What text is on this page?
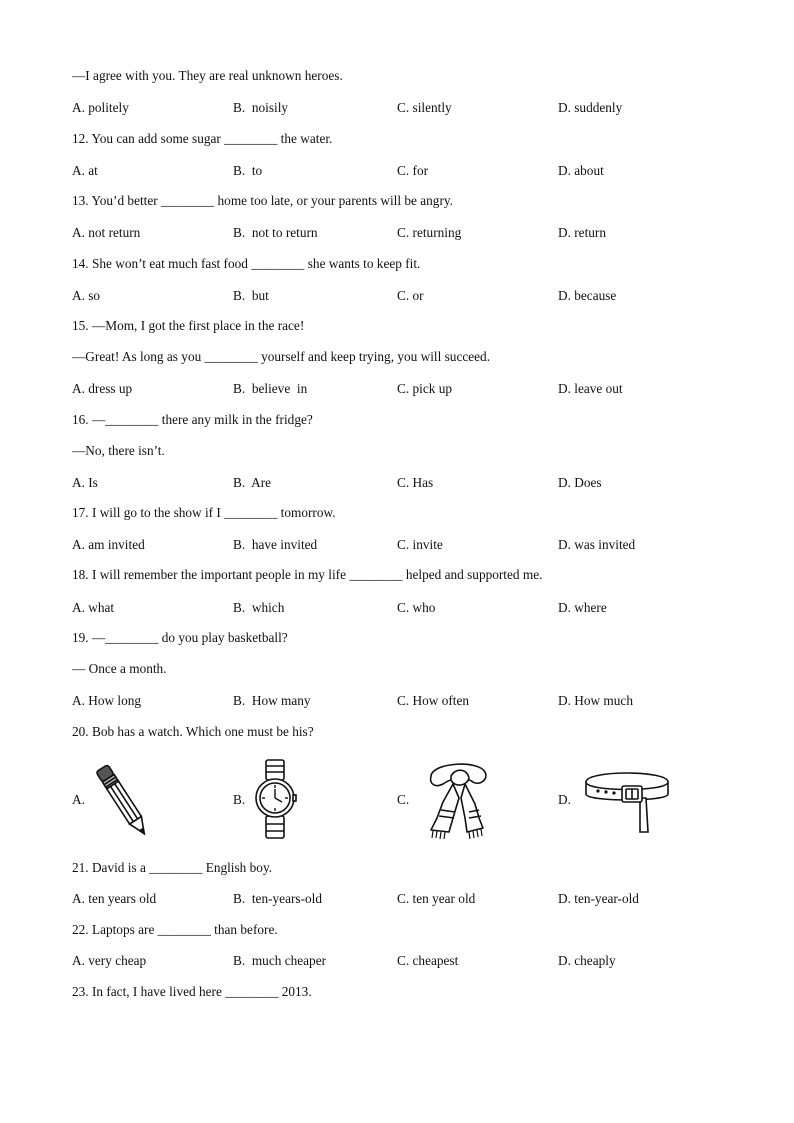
—I agree with you. They are real unknown heroes.
A. politely	B.  noisily	C. silently	D. suddenly
12. You can add some sugar ________ the water.
A. at	B.  to	C. for	D. about
13. You’d better ________ home too late, or your parents will be angry.
A. not return	B.  not to return	C. returning	D. return
14. She won’t eat much fast food ________ she wants to keep fit.
A. so	B.  but	C. or	D. because
15. —Mom, I got the first place in the race!
—Great! As long as you ________ yourself and keep trying, you will succeed.
A. dress up	B.  believe  in	C. pick up	D. leave out
16. —________ there any milk in the fridge?
—No, there isn’t.
A. Is	B.  Are	C. Has	D. Does
17. I will go to the show if I ________ tomorrow.
A. am invited	B.  have invited	C. invite	D. was invited
18. I will remember the important people in my life ________ helped and supported me.
A. what	B.  which	C. who	D. where
19. —________ do you play basketball?
— Once a month.
A. How long	B.  How many	C. How often	D. How much
20. Bob has a watch. Which one must be his?
A.	B.	C.	D.
21. David is a ________ English boy.
A. ten years old	B.  ten-years-old	C. ten year old	D. ten-year-old
22. Laptops are ________ than before.
A. very cheap	B.  much cheaper	C. cheapest	D. cheaply
23. In fact, I have lived here ________ 2013.
